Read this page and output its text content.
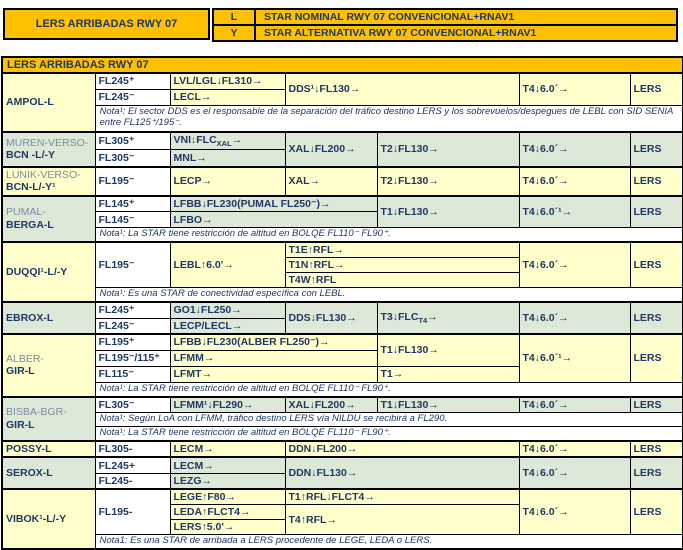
LERS ARRIBADAS RWY 07
L	STAR NOMINAL RWY 07 CONVENCIONAL+RNAV1
Y	STAR ALTERNATIVA RWY 07 CONVENCIONAL+RNAV1
LERS ARRIBADAS RWY 07						
AMPOL-L	FL245⁺	LVL/LGL↓FL310→	DDS¹↓FL130→		T4↓6.0´→	LERS
	FL245⁻	LECL→				
	Nota¹: El sector DDS es el responsable de la separación del tráfico destino LERS y los sobrevuelos/despegues de LEBL con SID SENIA entre FL125⁺/195⁻.					

MUREN-VERSO-
BCN -L/-Y	FL305⁺	$VNI↓FLC_{XAL}\to$	XAL↓FL200→	T2↓FL130→	T4↓6.0´→	LERS
	FL305⁻	MNL→				

LUNIK-VERSO-
BCN-L/-Y¹	FL195⁻	LECP→	XAL→	T2↓FL130→	T4↓6.0´→	LERS

PUMAL-
BERGA-L	FL145⁺	LFBB↓FL230(PUMAL FL250⁻)→		T1↓FL130→	T4↓6.0´¹→	LERS
	FL145⁻	LFBO→				
	Nota¹: La STAR tiene restricción de altitud en BOLQE FL110⁻ FL90⁺.					
DUQQI¹-L/-Y	FL195⁻	LEBL↑6.0'→	T1E↑RFL→		T4↓6.0´→	LERS
			T1N↑RFL→			
			T4W↑RFL			
	Nota¹: Es una STAR de conectividad específica con LEBL.					
EBROX-L	FL245⁺	GO1↓FL250→	DDS↓FL130→	$T3↓FLC_{T4}\to$	T4↓6.0´→	LERS
	FL245⁻	LECP/LECL→				

ALBER-
GIR-L	FL195⁺	LFBB↓FL230(ALBER FL250⁻)→		T1↓FL130→	T4↓6.0´¹→	LERS
	FL195⁻/115⁺	LFMM→				
	FL115⁻	LFMT→		T1→		
	Nota¹: La STAR tiene restricción de altitud en BOLQE FL110⁻ FL90⁺.					

BISBA-BGR-
GIR-L	FL305⁻	LFMM¹↓FL290→	XAL↓FL200→	T1↓FL130→	T4↓6.0´→	LERS
	Nota¹: Según LoA con LFMM, tráfico destino LERS vía NILDU se recibirá a FL290.					
	Nota¹: La STAR tiene restricción de altitud en BOLQE FL110⁻ FL90⁺.					
POSSY-L	FL305-	LECM→	DDN↓FL200→		T4↓6.0´→	LERS
SEROX-L	FL245+	LECM→	DDN↓FL130→		T4↓6.0´→	LERS
	FL245-	LEZG→				
VIBOK¹-L/-Y	FL195-	LEGE↑F80→	T1↑RFL↓FLCT4→		T4↓6.0´→	LERS
		LEDA↑FLCT4→	T4↑RFL→			
		LERS↑5.0'→				
	Nota1: Es una STAR de arribada a LERS procedente de LEGE, LEDA o LERS.					
